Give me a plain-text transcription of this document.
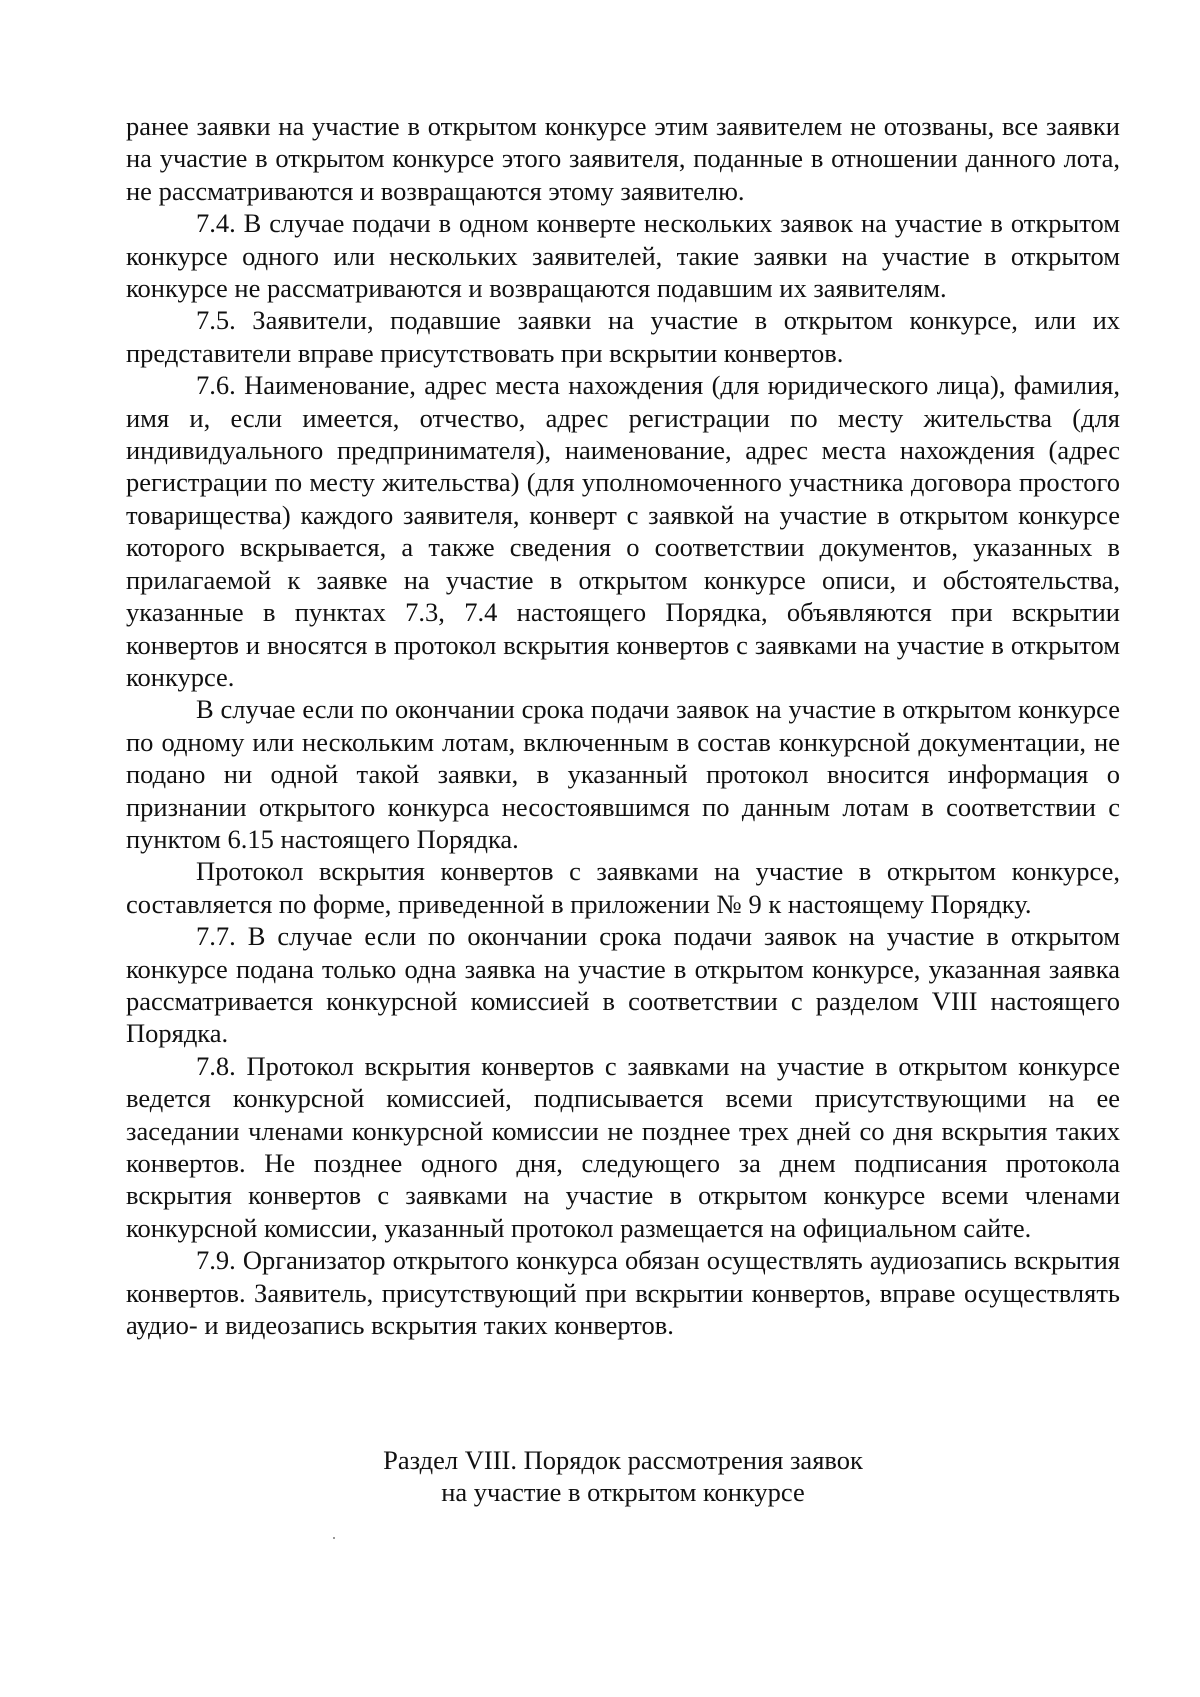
ранее заявки на участие в открытом конкурсе этим заявителем не отозваны, все заявки на участие в открытом конкурсе этого заявителя, поданные в отношении данного лота, не рассматриваются и возвращаются этому заявителю.

7.4. В случае подачи в одном конверте нескольких заявок на участие в открытом конкурсе одного или нескольких заявителей, такие заявки на участие в открытом конкурсе не рассматриваются и возвращаются подавшим их заявителям.

7.5. Заявители, подавшие заявки на участие в открытом конкурсе, или их представители вправе присутствовать при вскрытии конвертов.

7.6. Наименование, адрес места нахождения (для юридического лица), фамилия, имя и, если имеется, отчество, адрес регистрации по месту жительства (для индивидуального предпринимателя), наименование, адрес места нахождения (адрес регистрации по месту жительства) (для уполномоченного участника договора простого товарищества) каждого заявителя, конверт с заявкой на участие в открытом конкурсе которого вскрывается, а также сведения о соответствии документов, указанных в прилагаемой к заявке на участие в открытом конкурсе описи, и обстоятельства, указанные в пунктах 7.3, 7.4 настоящего Порядка, объявляются при вскрытии конвертов и вносятся в протокол вскрытия конвертов с заявками на участие в открытом конкурсе.

В случае если по окончании срока подачи заявок на участие в открытом конкурсе по одному или нескольким лотам, включенным в состав конкурсной документации, не подано ни одной такой заявки, в указанный протокол вносится информация о признании открытого конкурса несостоявшимся по данным лотам в соответствии с пунктом 6.15 настоящего Порядка.

Протокол вскрытия конвертов с заявками на участие в открытом конкурсе, составляется по форме, приведенной в приложении № 9 к настоящему Порядку.

7.7. В случае если по окончании срока подачи заявок на участие в открытом конкурсе подана только одна заявка на участие в открытом конкурсе, указанная заявка рассматривается конкурсной комиссией в соответствии с разделом VIII настоящего Порядка.

7.8. Протокол вскрытия конвертов с заявками на участие в открытом конкурсе ведется конкурсной комиссией, подписывается всеми присутствующими на ее заседании членами конкурсной комиссии не позднее трех дней со дня вскрытия таких конвертов. Не позднее одного дня, следующего за днем подписания протокола вскрытия конвертов с заявками на участие в открытом конкурсе всеми членами конкурсной комиссии, указанный протокол размещается на официальном сайте.

7.9. Организатор открытого конкурса обязан осуществлять аудиозапись вскрытия конвертов. Заявитель, присутствующий при вскрытии конвертов, вправе осуществлять аудио- и видеозапись вскрытия таких конвертов.

Раздел VIII. Порядок рассмотрения заявок
на участие в открытом конкурсе
